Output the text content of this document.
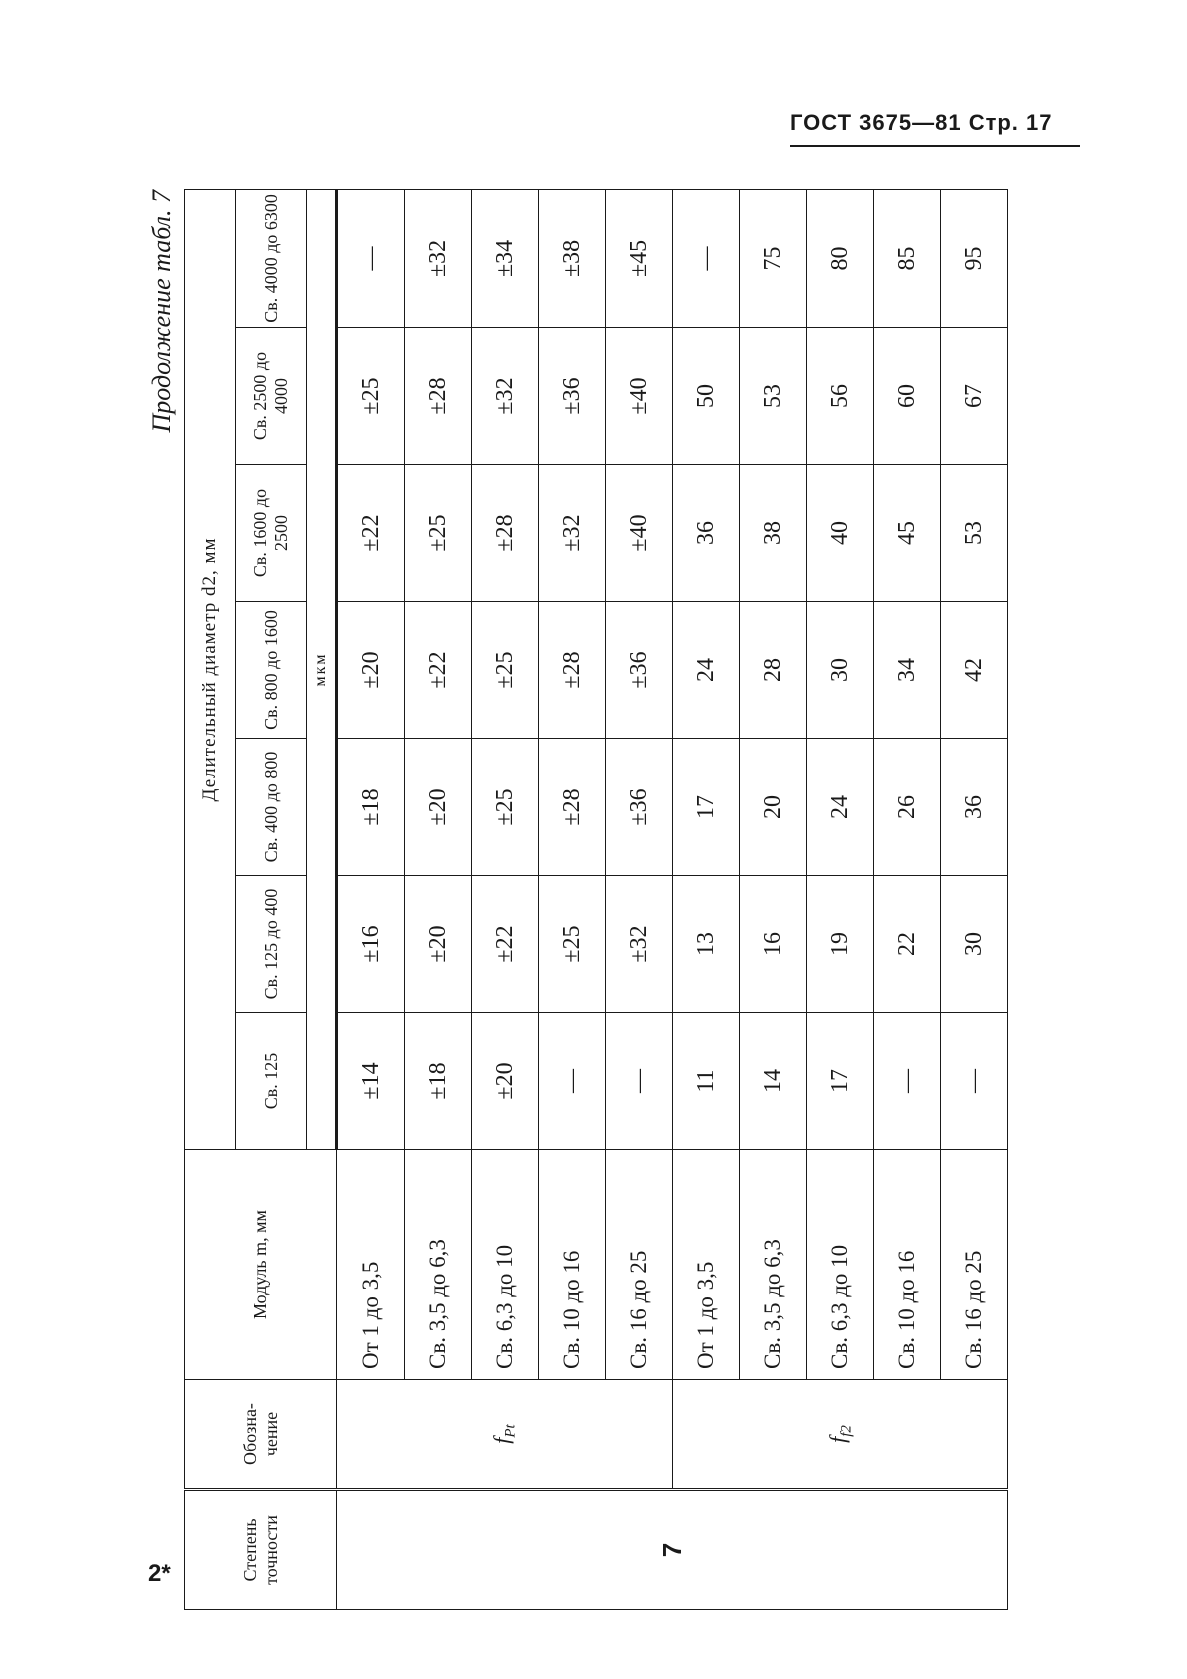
ГОСТ 3675—81 Стр. 17
Продолжение табл. 7
Степень точности	Обозна-чение	Модуль m, мм	Делительный диаметр d2, мм						
			Св. 125	Св. 125 до 400	Св. 400 до 800	Св. 800 до 1600	Св. 1600 до 2500	Св. 2500 до 4000	Св. 4000 до 6300
			мкм						
7	$f_{Pt}$	От 1 до 3,5	±14	±16	±18	±20	±22	±25	—
		Св. 3,5 до 6,3	±18	±20	±20	±22	±25	±28	±32
		Св. 6,3 до 10	±20	±22	±25	±25	±28	±32	±34
		Св. 10 до 16	—	±25	±28	±28	±32	±36	±38
		Св. 16 до 25	—	±32	±36	±36	±40	±40	±45
	$f_{f2}$	От 1 до 3,5	11	13	17	24	36	50	—
		Св. 3,5 до 6,3	14	16	20	28	38	53	75
		Св. 6,3 до 10	17	19	24	30	40	56	80
		Св. 10 до 16	—	22	26	34	45	60	85
		Св. 16 до 25	—	30	36	42	53	67	95
2*
